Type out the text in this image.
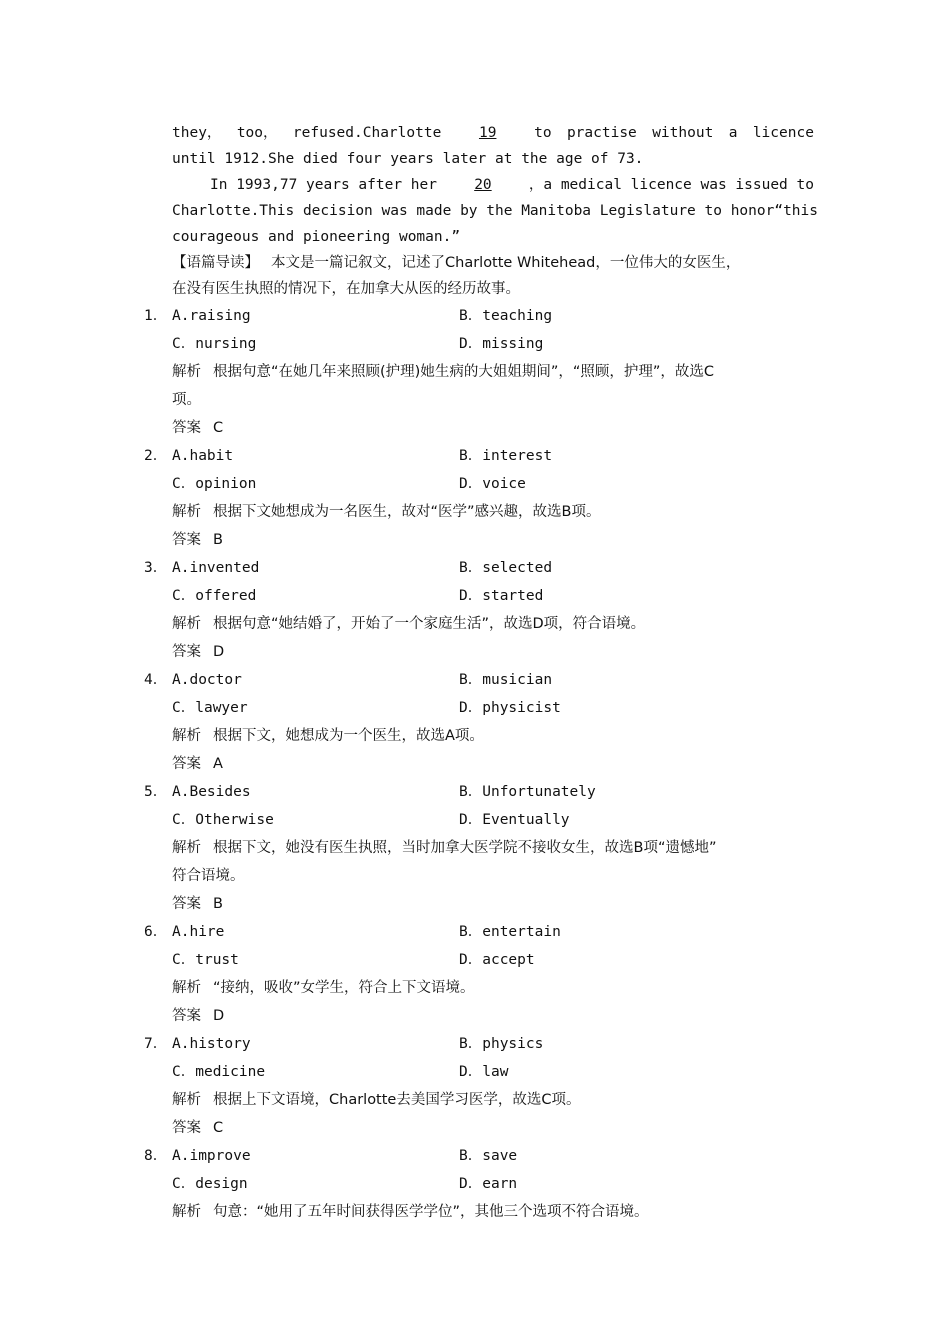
they， too， refused.Charlotte	19	to practise without a licence
until 1912.She died four years later at the age of 73.
In 1993,77 years after her	20	，a medical licence was issued to
Charlotte.This decision was made by the Manitoba Legislature to honor“this
courageous and pioneering woman.”
【语篇导读】 本文是一篇记叙文，记述了Charlotte Whitehead，一位伟大的女医生，
在没有医生执照的情况下，在加拿大从医的经历故事。
1． A.raising	B．teaching
C．nursing	D．missing
解析 根据句意“在她几年来照顾(护理)她生病的大姐姐期间”，“照顾，护理”，故选C
项。
答案 C
2． A.habit	B．interest
C．opinion	D．voice
解析 根据下文她想成为一名医生，故对“医学”感兴趣，故选B项。
答案 B
3． A.invented	B．selected
C．offered	D．started
解析 根据句意“她结婚了，开始了一个家庭生活”，故选D项，符合语境。
答案 D
4． A.doctor	B．musician
C．lawyer	D．physicist
解析 根据下文，她想成为一个医生，故选A项。
答案 A
5． A.Besides	B．Unfortunately
C．Otherwise	D．Eventually
解析 根据下文，她没有医生执照，当时加拿大医学院不接收女生，故选B项“遗憾地”
符合语境。
答案 B
6． A.hire	B．entertain
C．trust	D．accept
解析 “接纳，吸收”女学生，符合上下文语境。
答案 D
7． A.history	B．physics
C．medicine	D．law
解析 根据上下文语境，Charlotte去美国学习医学，故选C项。
答案 C
8． A.improve	B．save
C．design	D．earn
解析 句意：“她用了五年时间获得医学学位”，其他三个选项不符合语境。
